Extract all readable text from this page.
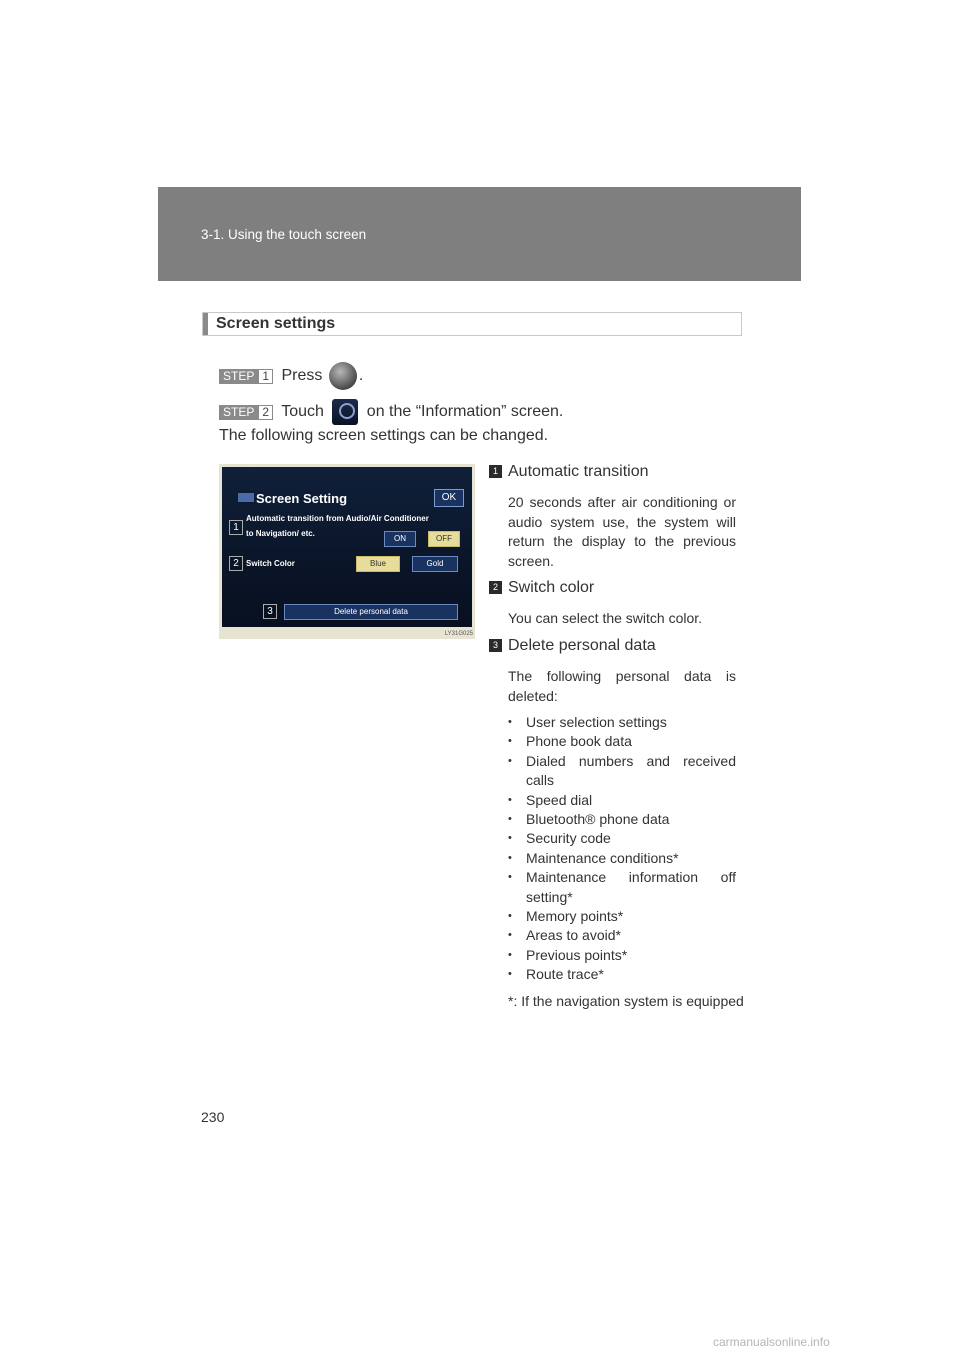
3-1. Using the touch screen
Screen settings
STEP 1 Press .
STEP 2 Touch	on the “Information” screen.
The following screen settings can be changed.
Screen Setting	OK
1
Automatic transition from Audio/Air Conditioner
to Navigation/ etc.
ON	OFF
2 Switch Color	Blue	Gold
3	Delete personal data
LY31G025
1 Automatic transition
20 seconds after air conditioning or audio system use, the system will return the display to the previous screen.
2 Switch color
You can select the switch color.
3 Delete personal data
The following personal data is deleted:
• User selection settings
• Phone book data
• Dialed numbers and received calls
• Speed dial
• Bluetooth® phone data
• Security code
• Maintenance conditions*
• Maintenance information off setting*
• Memory points*
• Areas to avoid*
• Previous points*
• Route trace*
*: If the navigation system is equipped
230
carmanualsonline.info
